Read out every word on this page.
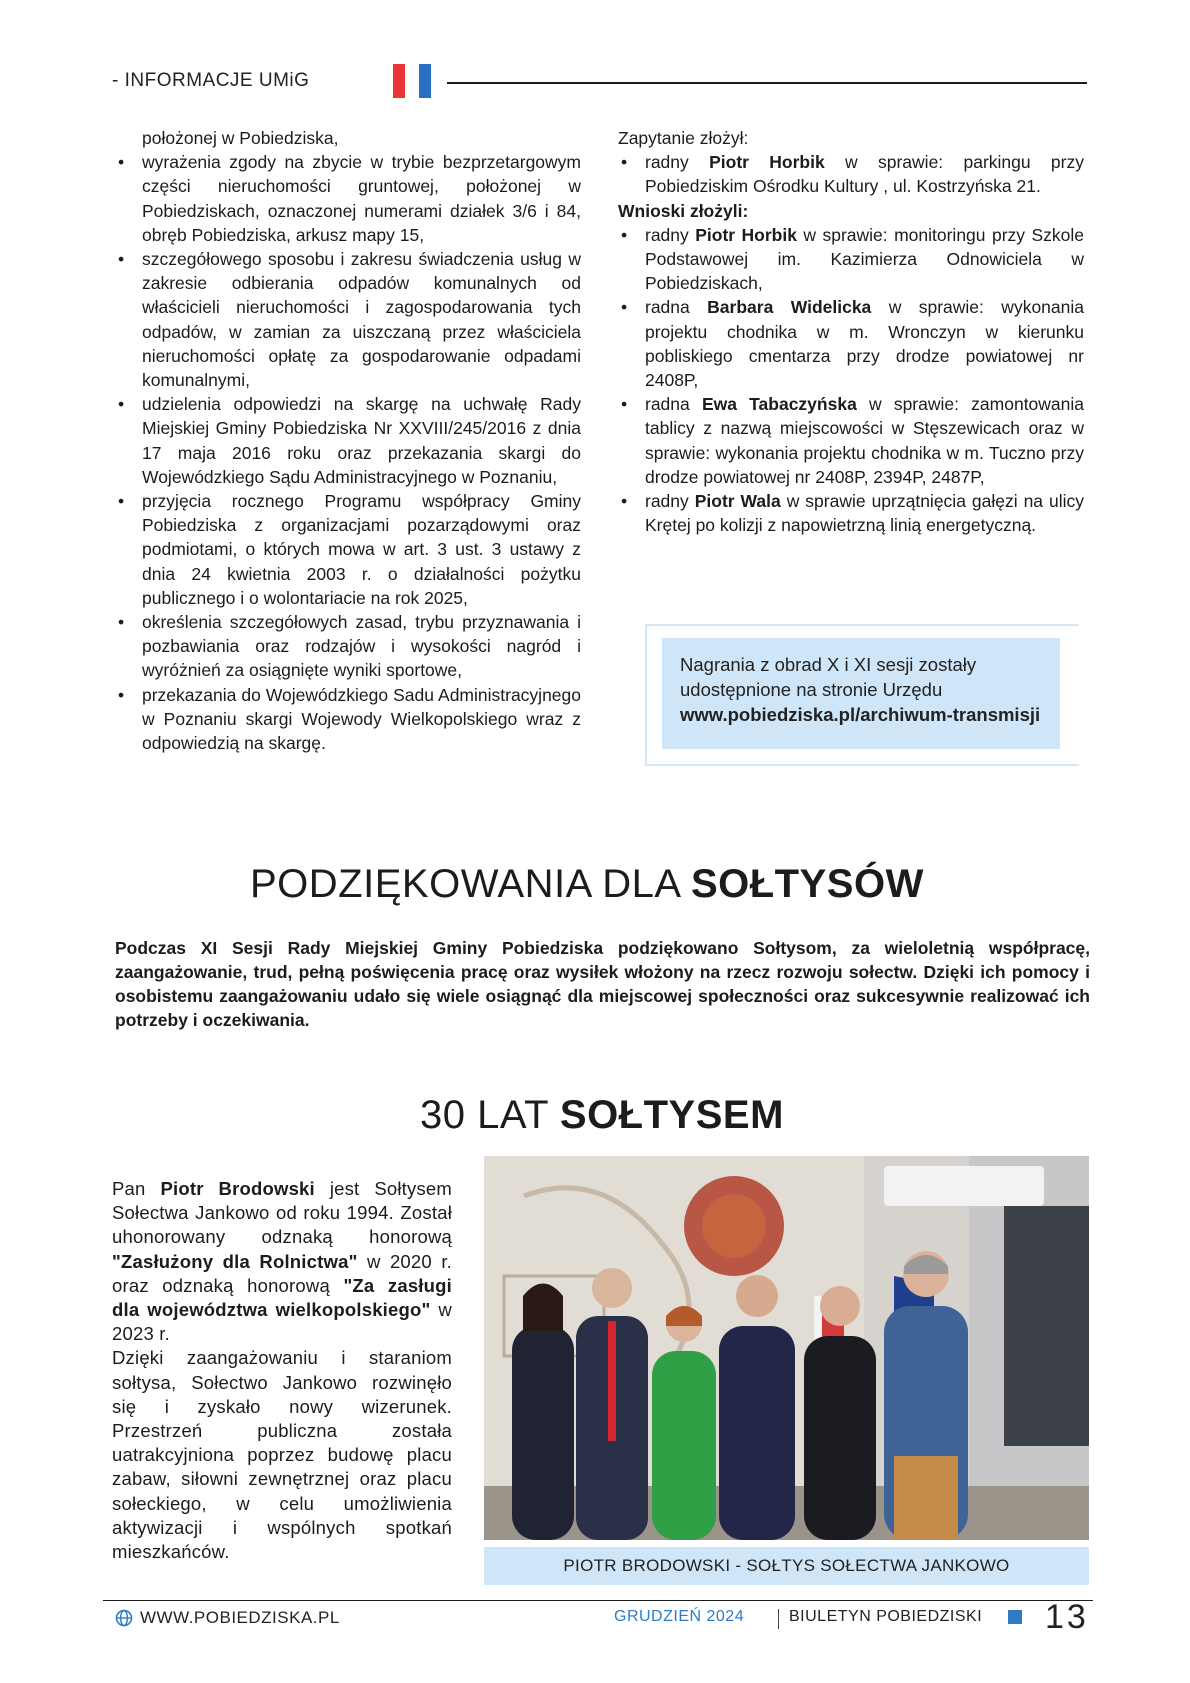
- INFORMACJE UMiG
położonej w Pobiedziska,
• wyrażenia zgody na zbycie w trybie bezprzetargowym części nieruchomości gruntowej, położonej w Pobiedziskach, oznaczonej numerami działek 3/6 i 84, obręb Pobiedziska, arkusz mapy 15,
• szczegółowego sposobu i zakresu świadczenia usług w zakresie odbierania odpadów komunalnych od właścicieli nieruchomości i zagospodarowania tych odpadów, w zamian za uiszczaną przez właściciela nieruchomości opłatę za gospodarowanie odpadami komunalnymi,
• udzielenia odpowiedzi na skargę na uchwałę Rady Miejskiej Gminy Pobiedziska Nr XXVIII/245/2016 z dnia 17 maja 2016 roku oraz przekazania skargi do Wojewódzkiego Sądu Administracyjnego w Poznaniu,
• przyjęcia rocznego Programu współpracy Gminy Pobiedziska z organizacjami pozarządowymi oraz podmiotami, o których mowa w art. 3 ust. 3 ustawy z dnia 24 kwietnia 2003 r. o działalności pożytku publicznego i o wolontariacie na rok 2025,
• określenia szczegółowych zasad, trybu przyznawania i pozbawiania oraz rodzajów i wysokości nagród i wyróżnień za osiągnięte wyniki sportowe,
• przekazania do Wojewódzkiego Sadu Administracyjnego w Poznaniu skargi Wojewody Wielkopolskiego wraz z odpowiedzią na skargę.
Zapytanie złożył:
• radny Piotr Horbik w sprawie: parkingu przy Pobiedziskim Ośrodku Kultury , ul. Kostrzyńska 21.
Wnioski złożyli:
• radny Piotr Horbik w sprawie: monitoringu przy Szkole Podstawowej im. Kazimierza Odnowiciela w Pobiedziskach,
• radna Barbara Widelicka w sprawie: wykonania projektu chodnika w m. Wronczyn w kierunku pobliskiego cmentarza przy drodze powiatowej nr 2408P,
• radna Ewa Tabaczyńska w sprawie: zamontowania tablicy z nazwą miejscowości w Stęszewicach oraz w sprawie: wykonania projektu chodnika w m. Tuczno przy drodze powiatowej nr 2408P, 2394P, 2487P,
• radny Piotr Wala w sprawie uprzątnięcia gałęzi na ulicy Krętej po kolizji z napowietrzną linią energetyczną.
Nagrania z obrad X i XI sesji zostały
udostępnione na stronie Urzędu
www.pobiedziska.pl/archiwum-transmisji
PODZIĘKOWANIA DLA SOŁTYSÓW
Podczas XI Sesji Rady Miejskiej Gminy Pobiedziska podziękowano Sołtysom, za wieloletnią współpracę, zaangażowanie, trud, pełną poświęcenia pracę oraz wysiłek włożony na rzecz rozwoju sołectw. Dzięki ich pomocy i osobistemu zaangażowaniu udało się wiele osiągnąć dla miejscowej społeczności oraz sukcesywnie realizować ich potrzeby i oczekiwania.
30 LAT SOŁTYSEM
Pan Piotr Brodowski jest Sołtysem Sołectwa Jankowo od roku 1994. Został uhonorowany odznaką honorową "Zasłużony dla Rolnictwa" w 2020 r. oraz odznaką honorową "Za zasługi dla województwa wielkopolskiego" w 2023 r.
Dzięki zaangażowaniu i staraniom sołtysa, Sołectwo Jankowo rozwinęło się i zyskało nowy wizerunek. Przestrzeń publiczna została uatrakcyjniona poprzez budowę placu zabaw, siłowni zewnętrznej oraz placu sołeckiego, w celu umożliwienia aktywizacji i wspólnych spotkań mieszkańców.
PIOTR BRODOWSKI - SOŁTYS SOŁECTWA JANKOWO
WWW.POBIEDZISKA.PL	GRUDZIEŃ 2024	BIULETYN POBIEDZISKI 13
